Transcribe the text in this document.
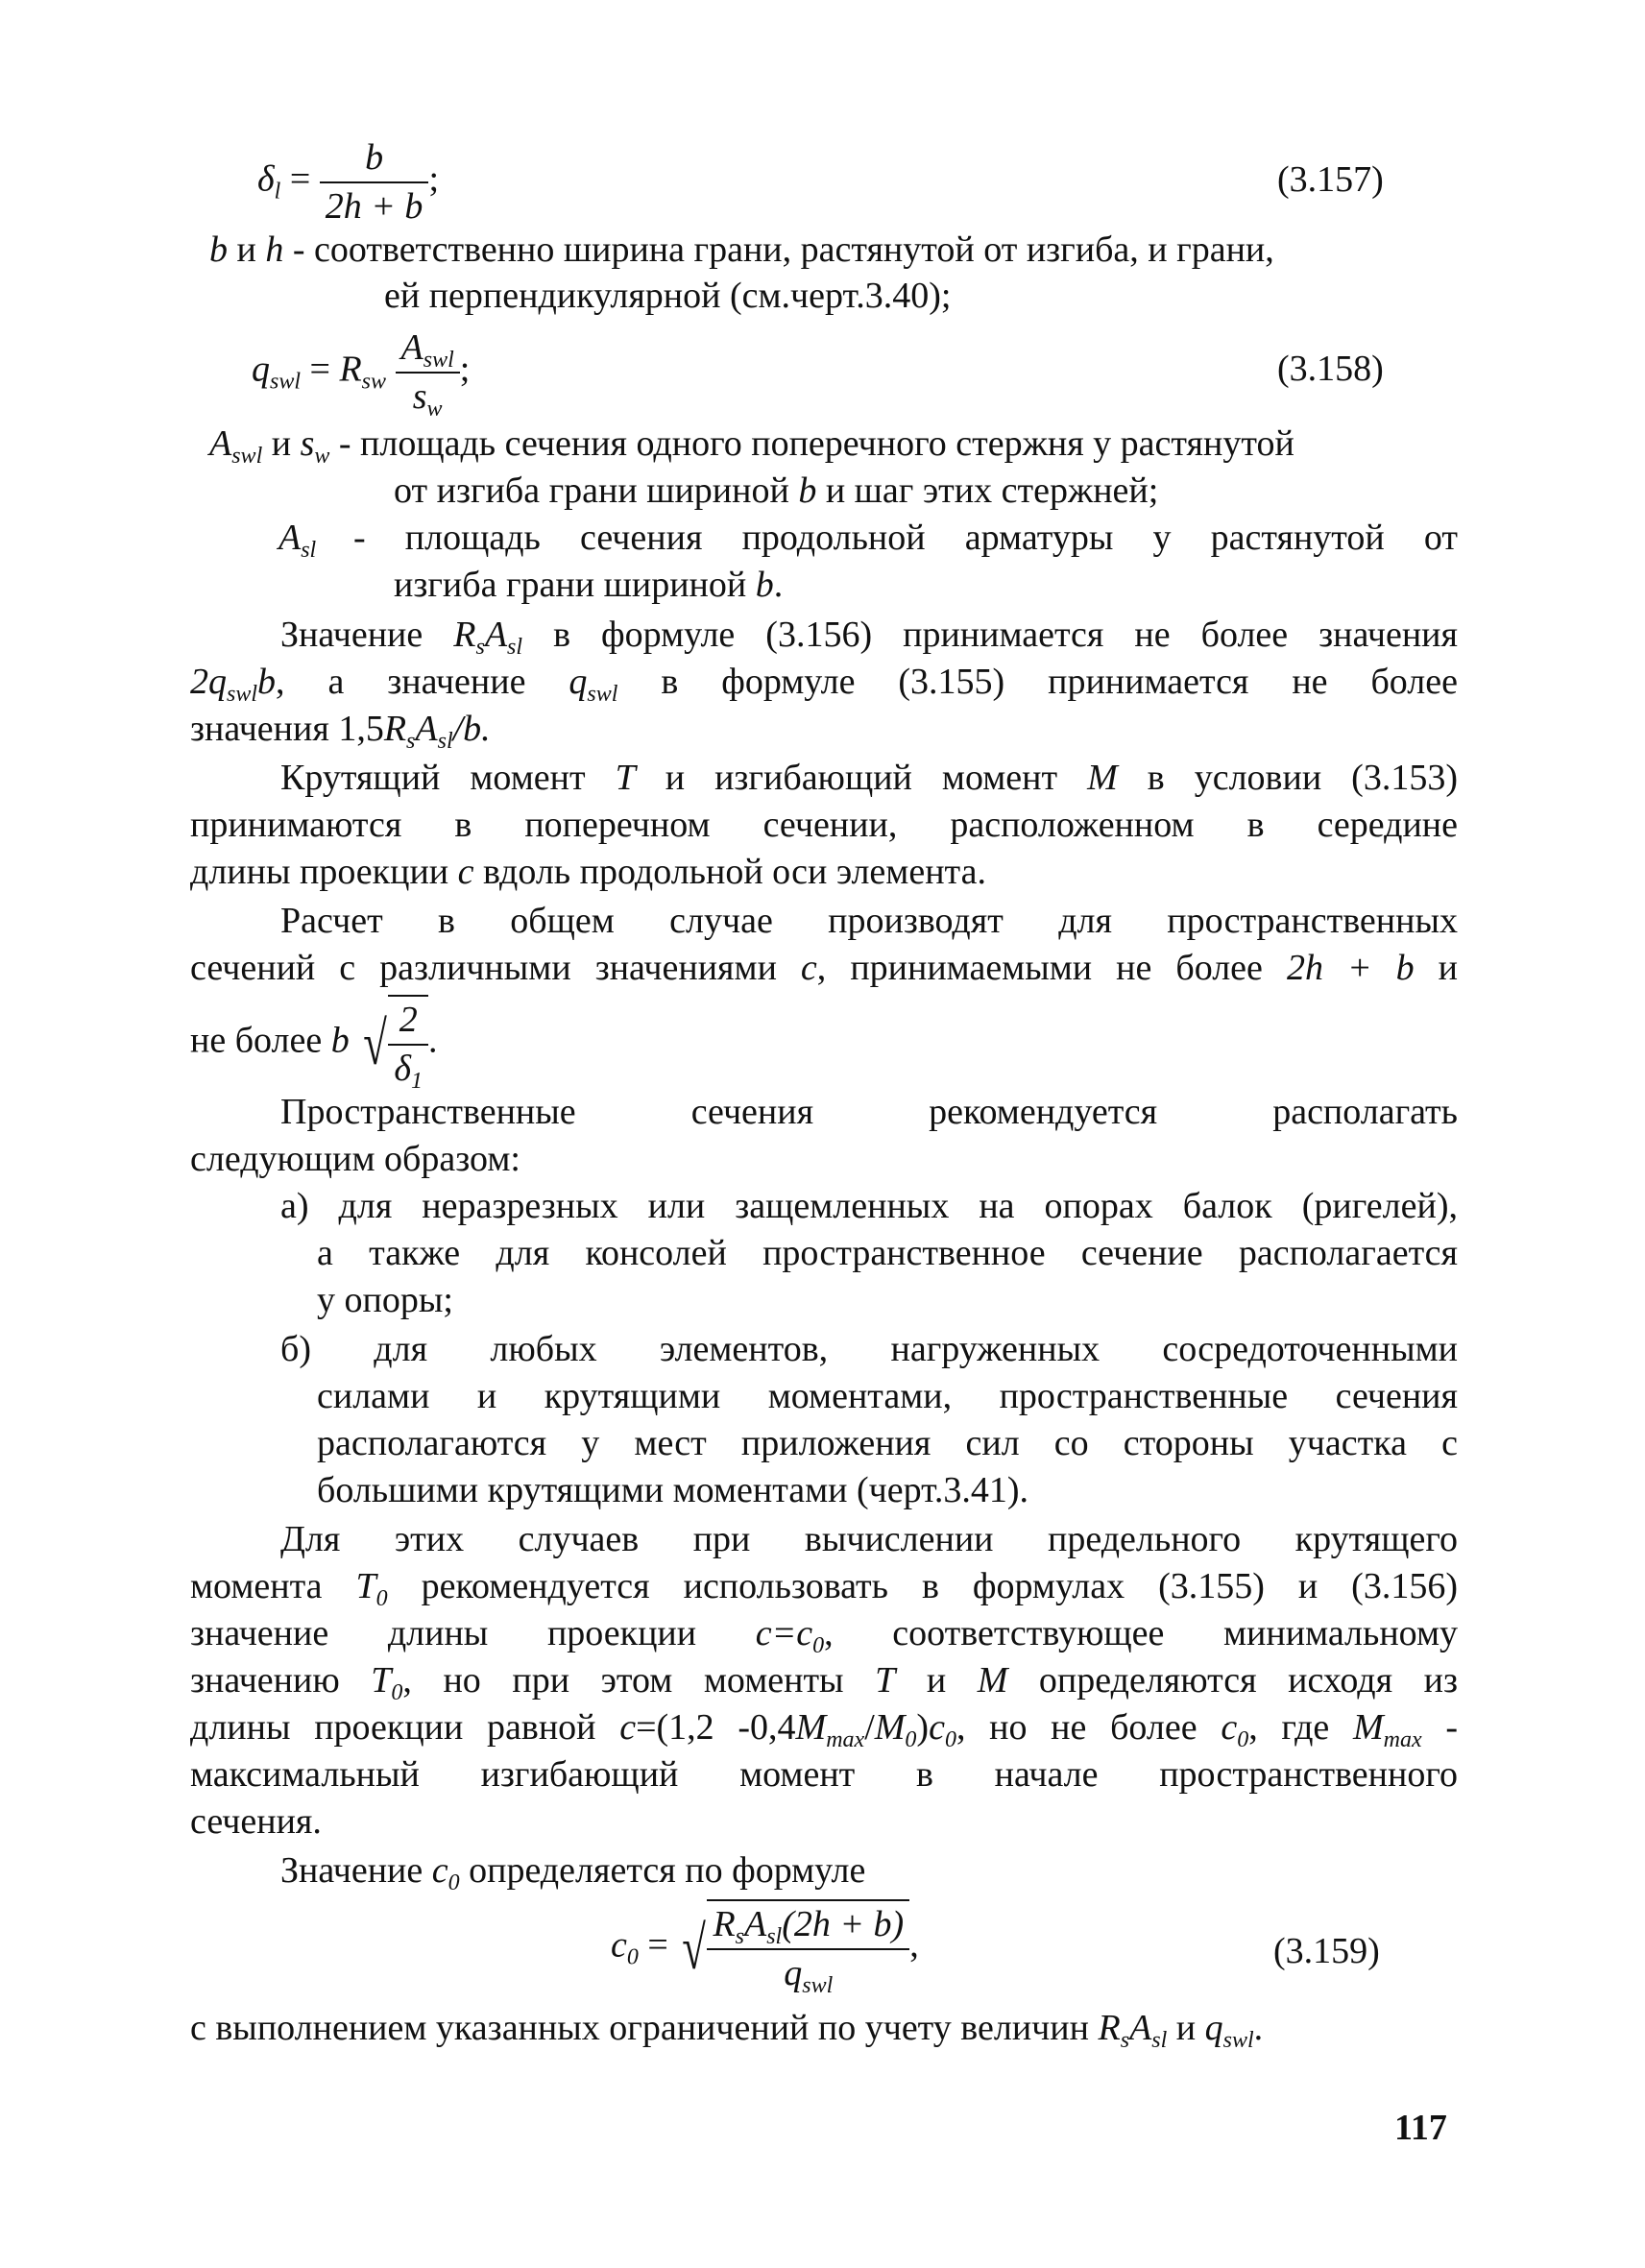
$\delta_l = \frac{b}{2h + b}$ ;	(3.157)
b и h - соответственно ширина грани, растянутой от изгиба, и грани,
ей перпендикулярной (см.черт.3.40);
$q_{swl} = R_{sw} \frac{A_{swl}}{s_w}$ ;	(3.158)
$A_{swl}$ и $s_w$ - площадь сечения одного поперечного стержня у растянутой
от изгиба грани шириной b и шаг этих стержней;
$A_{sl}$ - площадь сечения продольной арматуры у растянутой от
изгиба грани шириной b.
Значение $R_sA_{sl}$ в формуле (3.156) принимается не более значения
$2q_{swl}b$, а значение $q_{swl}$ в формуле (3.155) принимается не более
значения $1,5R_sA_{sl}/b$.
Крутящий момент T и изгибающий момент M в условии (3.153)
принимаются в поперечном сечении, расположенном в середине
длины проекции c вдоль продольной оси элемента.
Расчет в общем случае производят для пространственных
сечений с различными значениями c, принимаемыми не более 2h + b и
не более b √ $\frac{2}{\delta_1}$ .
Пространственные сечения рекомендуется располагать
следующим образом:
а) для неразрезных или защемленных на опорах балок (ригелей),
а также для консолей пространственное сечение располагается
у опоры;
б) для любых элементов, нагруженных сосредоточенными
силами и крутящими моментами, пространственные сечения
располагаются у мест приложения сил со стороны участка с
большими крутящими моментами (черт.3.41).
Для этих случаев при вычислении предельного крутящего
момента $T_0$ рекомендуется использовать в формулах (3.155) и (3.156)
значение длины проекции $c=c_0$, соответствующее минимальному
значению $T_0$, но при этом моменты T и M определяются исходя из
длины проекции равной c=(1,2 $-0,4M_{max}/M_0)c_0$, но не более $c_0$, где $M_{max}$ -
максимальный изгибающий момент в начале пространственного
сечения.
Значение $c_0$ определяется по формуле
$c_0$ = √ $\frac{R_sA_{sl}(2h + b)}{q_{swl}}$ ,	(3.159)
с выполнением указанных ограничений по учету величин $R_sA_{sl}$ и $q_{swl}$.
117
